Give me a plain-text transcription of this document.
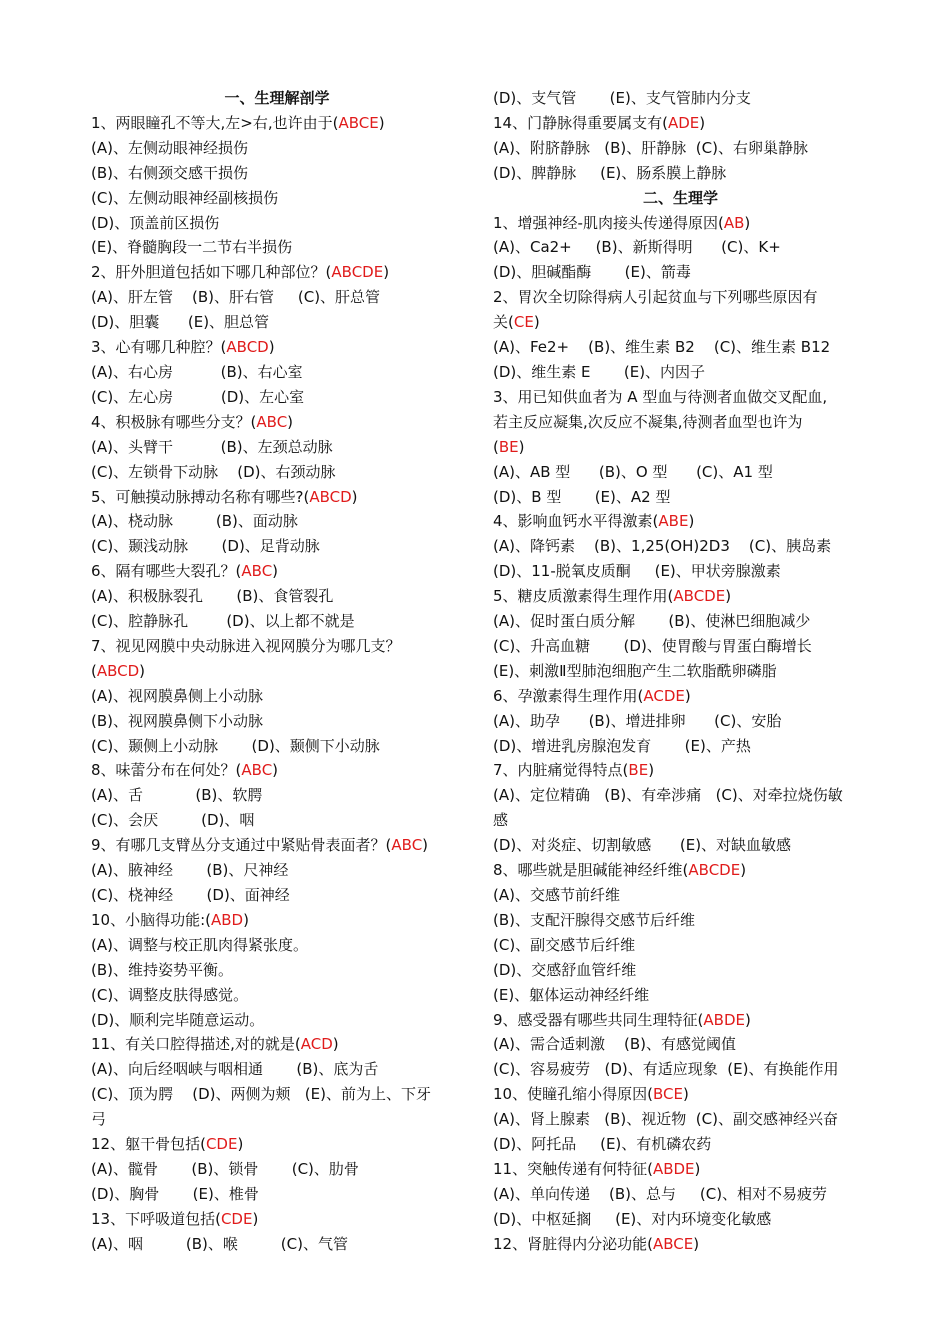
一、生理解剖学
1、两眼瞳孔不等大,左>右,也许由于(ABCE)
(A)、左侧动眼神经损伤
(B)、右侧颈交感干损伤
(C)、左侧动眼神经副核损伤
(D)、顶盖前区损伤
(E)、脊髓胸段一二节右半损伤
2、肝外胆道包括如下哪几种部位？(ABCDE)
(A)、肝左管    (B)、肝右管     (C)、肝总管
(D)、胆囊      (E)、胆总管
3、心有哪几种腔？(ABCD)
(A)、右心房          (B)、右心室
(C)、左心房          (D)、左心室
4、积极脉有哪些分支？(ABC)
(A)、头臂干          (B)、左颈总动脉
(C)、左锁骨下动脉    (D)、右颈动脉
5、可触摸动脉搏动名称有哪些?(ABCD)
(A)、桡动脉         (B)、面动脉
(C)、颞浅动脉       (D)、足背动脉
6、隔有哪些大裂孔？(ABC)
(A)、积极脉裂孔       (B)、食管裂孔
(C)、腔静脉孔        (D)、以上都不就是
7、视见网膜中央动脉进入视网膜分为哪几支？
(ABCD)
(A)、视网膜鼻侧上小动脉
(B)、视网膜鼻侧下小动脉
(C)、颞侧上小动脉       (D)、颞侧下小动脉
8、味蕾分布在何处？(ABC)
(A)、舌           (B)、软腭
(C)、会厌         (D)、咽
9、有哪几支臂丛分支通过中紧贴骨表面者？(ABC)
(A)、腋神经       (B)、尺神经
(C)、桡神经       (D)、面神经
10、小脑得功能:(ABD)
(A)、调整与校正肌肉得紧张度。
(B)、维持姿势平衡。
(C)、调整皮肤得感觉。
(D)、顺利完毕随意运动。
11、有关口腔得描述,对的就是(ACD)
(A)、向后经咽峡与咽相通       (B)、底为舌
(C)、顶为腭    (D)、两侧为颊   (E)、前为上、下牙
弓
12、躯干骨包括(CDE)
(A)、髋骨       (B)、锁骨       (C)、肋骨
(D)、胸骨       (E)、椎骨
13、下呼吸道包括(CDE)
(A)、咽         (B)、喉         (C)、气管
(D)、支气管       (E)、支气管肺内分支
14、门静脉得重要属支有(ADE)
(A)、附脐静脉   (B)、肝静脉  (C)、右卵巢静脉
(D)、脾静脉     (E)、肠系膜上静脉
二、生理学
1、增强神经-肌肉接头传递得原因(AB)
(A)、Ca2+     (B)、新斯得明      (C)、K+
(D)、胆碱酯酶       (E)、箭毒
2、胃次全切除得病人引起贫血与下列哪些原因有
关(CE)
(A)、Fe2+    (B)、维生素 B2    (C)、维生素 B12
(D)、维生素 E       (E)、内因子
3、用已知供血者为 A 型血与待测者血做交叉配血,
若主反应凝集,次反应不凝集,待测者血型也许为
(BE)
(A)、AB 型      (B)、O 型      (C)、A1 型
(D)、B 型       (E)、A2 型
4、影响血钙水平得激素(ABE)
(A)、降钙素    (B)、1,25(OH)2D3    (C)、胰岛素
(D)、11-脱氧皮质酮     (E)、甲状旁腺激素
5、糖皮质激素得生理作用(ABCDE)
(A)、促时蛋白质分解       (B)、使淋巴细胞减少
(C)、升高血糖       (D)、使胃酸与胃蛋白酶增长
(E)、刺激Ⅱ型肺泡细胞产生二软脂酰卵磷脂
6、孕激素得生理作用(ACDE)
(A)、助孕      (B)、增进排卵      (C)、安胎
(D)、增进乳房腺泡发育       (E)、产热
7、内脏痛觉得特点(BE)
(A)、定位精确   (B)、有牵涉痛   (C)、对牵拉烧伤敏
感
(D)、对炎症、切割敏感      (E)、对缺血敏感
8、哪些就是胆碱能神经纤维(ABCDE)
(A)、交感节前纤维
(B)、支配汗腺得交感节后纤维
(C)、副交感节后纤维
(D)、交感舒血管纤维
(E)、躯体运动神经纤维
9、感受器有哪些共同生理特征(ABDE)
(A)、需合适刺激    (B)、有感觉阈值
(C)、容易疲劳   (D)、有适应现象  (E)、有换能作用
10、使瞳孔缩小得原因(BCE)
(A)、肾上腺素   (B)、视近物  (C)、副交感神经兴奋
(D)、阿托品     (E)、有机磷农药
11、突触传递有何特征(ABDE)
(A)、单向传递    (B)、总与     (C)、相对不易疲劳
(D)、中枢延搁     (E)、对内环境变化敏感
12、肾脏得内分泌功能(ABCE)
